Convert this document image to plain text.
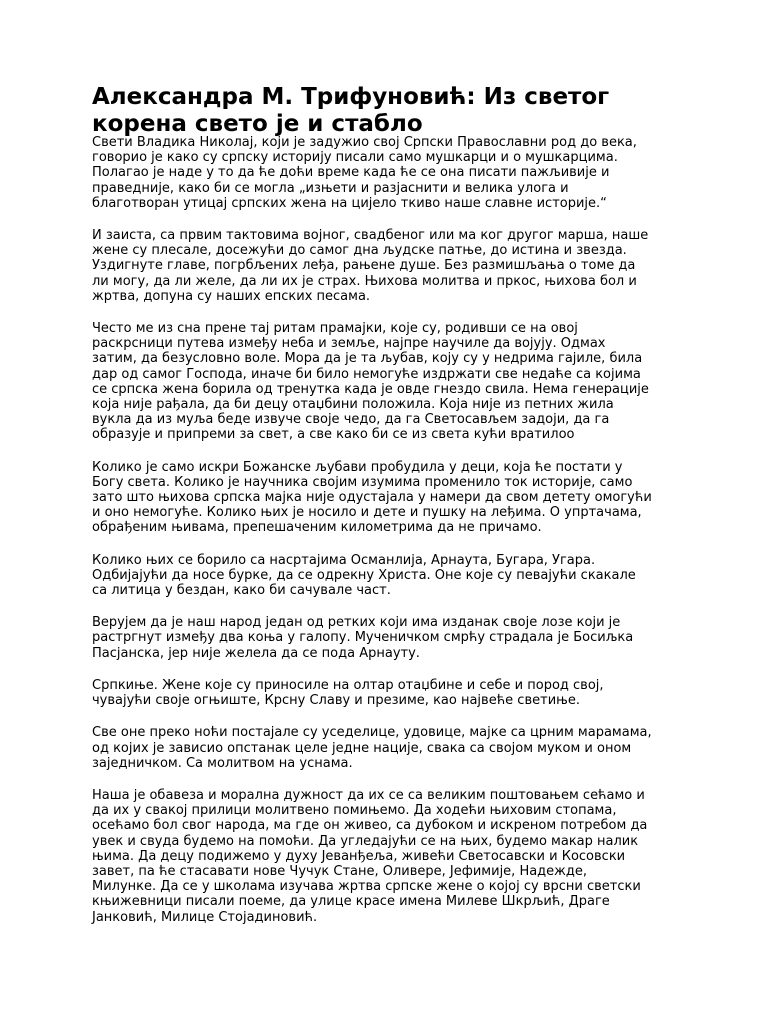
Александра М. Трифуновић: Из светог
корена свето је и стабло

Свети Владика Николај, који је задужио свој Српски Православни род до века,
говорио је како су српску историју писали само мушкарци и о мушкарцима.
Полагао је наде у то да ће доћи време када ће се она писати пажљивије и
праведније, како би се могла „изњети и разјаснити и велика улога и
благотворан утицај српских жена на цијело ткиво наше славне историје.“

И заиста, са првим тактовима војног, свадбеног или ма ког другог марша, наше
жене су плесале, досежући до самог дна људске патње, до истина и звезда.
Уздигнуте главе, погрбљених леђа, рањене душе. Без размишљања о томе да
ли могу, да ли желе, да ли их је страх. Њихова молитва и пркос, њихова бол и
жртва, допуна су наших епских песама.

Често ме из сна прене тај ритам прамајки, које су, родивши се на овој
раскрсници путева између неба и земље, најпре научиле да војују. Одмах
затим, да безусловно воле. Мора да је та љубав, коју су у недрима гајиле, била
дар од самог Господа, иначе би било немогуће издржати све недаће са којима
се српска жена борила од тренутка када је овде гнездо свила. Нема генерације
која није рађала, да би децу отаџбини положила. Која није из петних жила
вукла да из муља беде извуче своје чедо, да га Светосављем задоји, да га
образује и припреми за свет, а све како би се из света кући вратилоо

Колико је само искри Божанске љубави пробудила у деци, која ће постати у
Богу света. Колико је научника својим изумима променило ток историје, само
зато што њихова српска мајка није одустајала у намери да свом детету омогући
и оно немогуће. Колико њих је носило и дете и пушку на леђима. О упртачама,
обрађеним њивама, препешаченим километрима да не причамо.

Колико њих се борило са насртајима Османлија, Арнаута, Бугара, Угара.
Одбијајући да носе бурке, да се одрекну Христа. Оне које су певајући скакале
са литица у бездан, како би сачувале част.

Верујем да је наш народ један од ретких који има изданак своје лозе који је
растргнут између два коња у галопу. Мученичком смрћу страдала је Босиљка
Пасјанска, јер није желела да се пода Арнауту.

Српкиње. Жене које су приносиле на олтар отаџбине и себе и пород свој,
чувајући своје огњиште, Крсну Славу и презиме, као највеће светиње.

Све оне преко ноћи постајале су уседелице, удовице, мајке са црним марамама,
од којих је зависио опстанак целе једне нације, свака са својом муком и оном
заједничком. Са молитвом на уснама.

Наша је обавеза и морална дужност да их се са великим поштовањем сећамо и
да их у свакој прилици молитвено помињемо. Да ходећи њиховим стопама,
осећамо бол свог народа, ма где он живео, са дубоком и искреном потребом да
увек и свуда будемо на помоћи. Да угледајући се на њих, будемо макар налик
њима. Да децу подижемо у духу Јеванђеља, живећи Светосавски и Косовски
завет, па ће стасавати нове Чучук Стане, Оливере, Јефимије, Надежде,
Милунке. Да се у школама изучава жртва српске жене о којој су врсни светски
књижевници писали поеме, да улице красе имена Милеве Шкрљић, Драге
Јанковић, Милице Стојадиновић.
